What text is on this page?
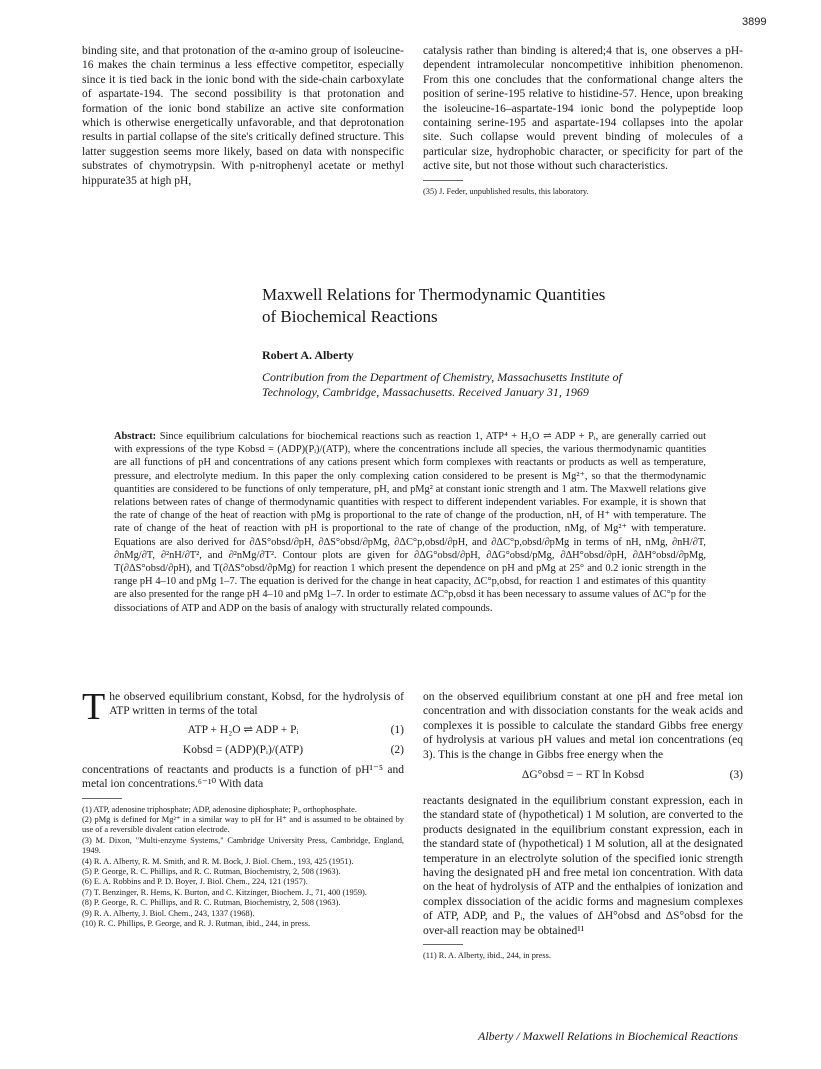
3899

binding site, and that protonation of the α-amino group of isoleucine-16 makes the chain terminus a less effective competitor, especially since it is tied back in the ionic bond with the side-chain carboxylate of aspartate-194. The second possibility is that protonation and formation of the ionic bond stabilize an active site conformation which is otherwise energetically unfavorable, and that deprotonation results in partial collapse of the site's critically defined structure. This latter suggestion seems more likely, based on data with nonspecific substrates of chymotrypsin. With p-nitrophenyl acetate or methyl hippurate35 at high pH,

catalysis rather than binding is altered;4 that is, one observes a pH-dependent intramolecular noncompetitive inhibition phenomenon. From this one concludes that the conformational change alters the position of serine-195 relative to histidine-57. Hence, upon breaking the isoleucine-16–aspartate-194 ionic bond the polypeptide loop containing serine-195 and aspartate-194 collapses into the apolar site. Such collapse would prevent binding of molecules of a particular size, hydrophobic character, or specificity for part of the active site, but not those without such characteristics.

(35) J. Feder, unpublished results, this laboratory.
Maxwell Relations for Thermodynamic Quantities
of Biochemical Reactions
Robert A. Alberty
Contribution from the Department of Chemistry, Massachusetts Institute of
Technology, Cambridge, Massachusetts. Received January 31, 1969
Abstract: Since equilibrium calculations for biochemical reactions such as reaction 1, ATP⁴ + H₂O ⇌ ADP + Pᵢ, are generally carried out with expressions of the type Kobsd = (ADP)(Pᵢ)/(ATP), where the concentrations include all species, the various thermodynamic quantities are all functions of pH and concentrations of any cations present which form complexes with reactants or products as well as temperature, pressure, and electrolyte medium. In this paper the only complexing cation considered to be present is Mg²⁺, so that the thermodynamic quantities are considered to be functions of only temperature, pH, and pMg² at constant ionic strength and 1 atm. The Maxwell relations give relations between rates of change of thermodynamic quantities with respect to different independent variables. For example, it is shown that the rate of change of the heat of reaction with pMg is proportional to the rate of change of the production, nH, of H⁺ with temperature. The rate of change of the heat of reaction with pH is proportional to the rate of change of the production, nMg, of Mg²⁺ with temperature. Equations are also derived for ∂ΔS°obsd/∂pH, ∂ΔS°obsd/∂pMg, ∂ΔC°p,obsd/∂pH, and ∂ΔC°p,obsd/∂pMg in terms of nH, nMg, ∂nH/∂T, ∂nMg/∂T, ∂²nH/∂T², and ∂²nMg/∂T². Contour plots are given for ∂ΔG°obsd/∂pH, ∂ΔG°obsd/pMg, ∂ΔH°obsd/∂pH, ∂ΔH°obsd/∂pMg, T(∂ΔS°obsd/∂pH), and T(∂ΔS°obsd/∂pMg) for reaction 1 which present the dependence on pH and pMg at 25° and 0.2 ionic strength in the range pH 4–10 and pMg 1–7. The equation is derived for the change in heat capacity, ΔC°p,obsd, for reaction 1 and estimates of this quantity are also presented for the range pH 4–10 and pMg 1–7. In order to estimate ΔC°p,obsd it has been necessary to assume values of ΔC°p for the dissociations of ATP and ADP on the basis of analogy with structurally related compounds.

The observed equilibrium constant, Kobsd, for the hydrolysis of ATP written in terms of the total

ATP + H₂O ⇌ ADP + Pᵢ	(1)
Kobsd = (ADP)(Pᵢ)/(ATP)	(2)

concentrations of reactants and products is a function of pH¹⁻⁵ and metal ion concentrations.⁶⁻¹⁰ With data

(1) ATP, adenosine triphosphate; ADP, adenosine diphosphate; Pᵢ, orthophosphate.

(2) pMg is defined for Mg²⁺ in a similar way to pH for H⁺ and is assumed to be obtained by use of a reversible divalent cation electrode.

(3) M. Dixon, "Multi-enzyme Systems," Cambridge University Press, Cambridge, England, 1949.

(4) R. A. Alberty, R. M. Smith, and R. M. Bock, J. Biol. Chem., 193, 425 (1951).

(5) P. George, R. C. Phillips, and R. C. Rutman, Biochemistry, 2, 508 (1963).

(6) E. A. Robbins and P. D. Boyer, J. Biol. Chem., 224, 121 (1957).

(7) T. Benzinger, R. Hems, K. Burton, and C. Kitzinger, Biochem. J., 71, 400 (1959).

(8) P. George, R. C. Phillips, and R. C. Rutman, Biochemistry, 2, 508 (1963).

(9) R. A. Alberty, J. Biol. Chem., 243, 1337 (1968).

(10) R. C. Phillips, P. George, and R. J. Rutman, ibid., 244, in press.

on the observed equilibrium constant at one pH and free metal ion concentration and with dissociation constants for the weak acids and complexes it is possible to calculate the standard Gibbs free energy of hydrolysis at various pH values and metal ion concentrations (eq 3). This is the change in Gibbs free energy when the

ΔG°obsd = − RT ln Kobsd	(3)

reactants designated in the equilibrium constant expression, each in the standard state of (hypothetical) 1 M solution, are converted to the products designated in the equilibrium constant expression, each in the standard state of (hypothetical) 1 M solution, all at the designated temperature in an electrolyte solution of the specified ionic strength having the designated pH and free metal ion concentration. With data on the heat of hydrolysis of ATP and the enthalpies of ionization and complex dissociation of the acidic forms and magnesium complexes of ATP, ADP, and Pᵢ, the values of ΔH°obsd and ΔS°obsd for the over-all reaction may be obtained¹¹

(11) R. A. Alberty, ibid., 244, in press.
Alberty / Maxwell Relations in Biochemical Reactions
